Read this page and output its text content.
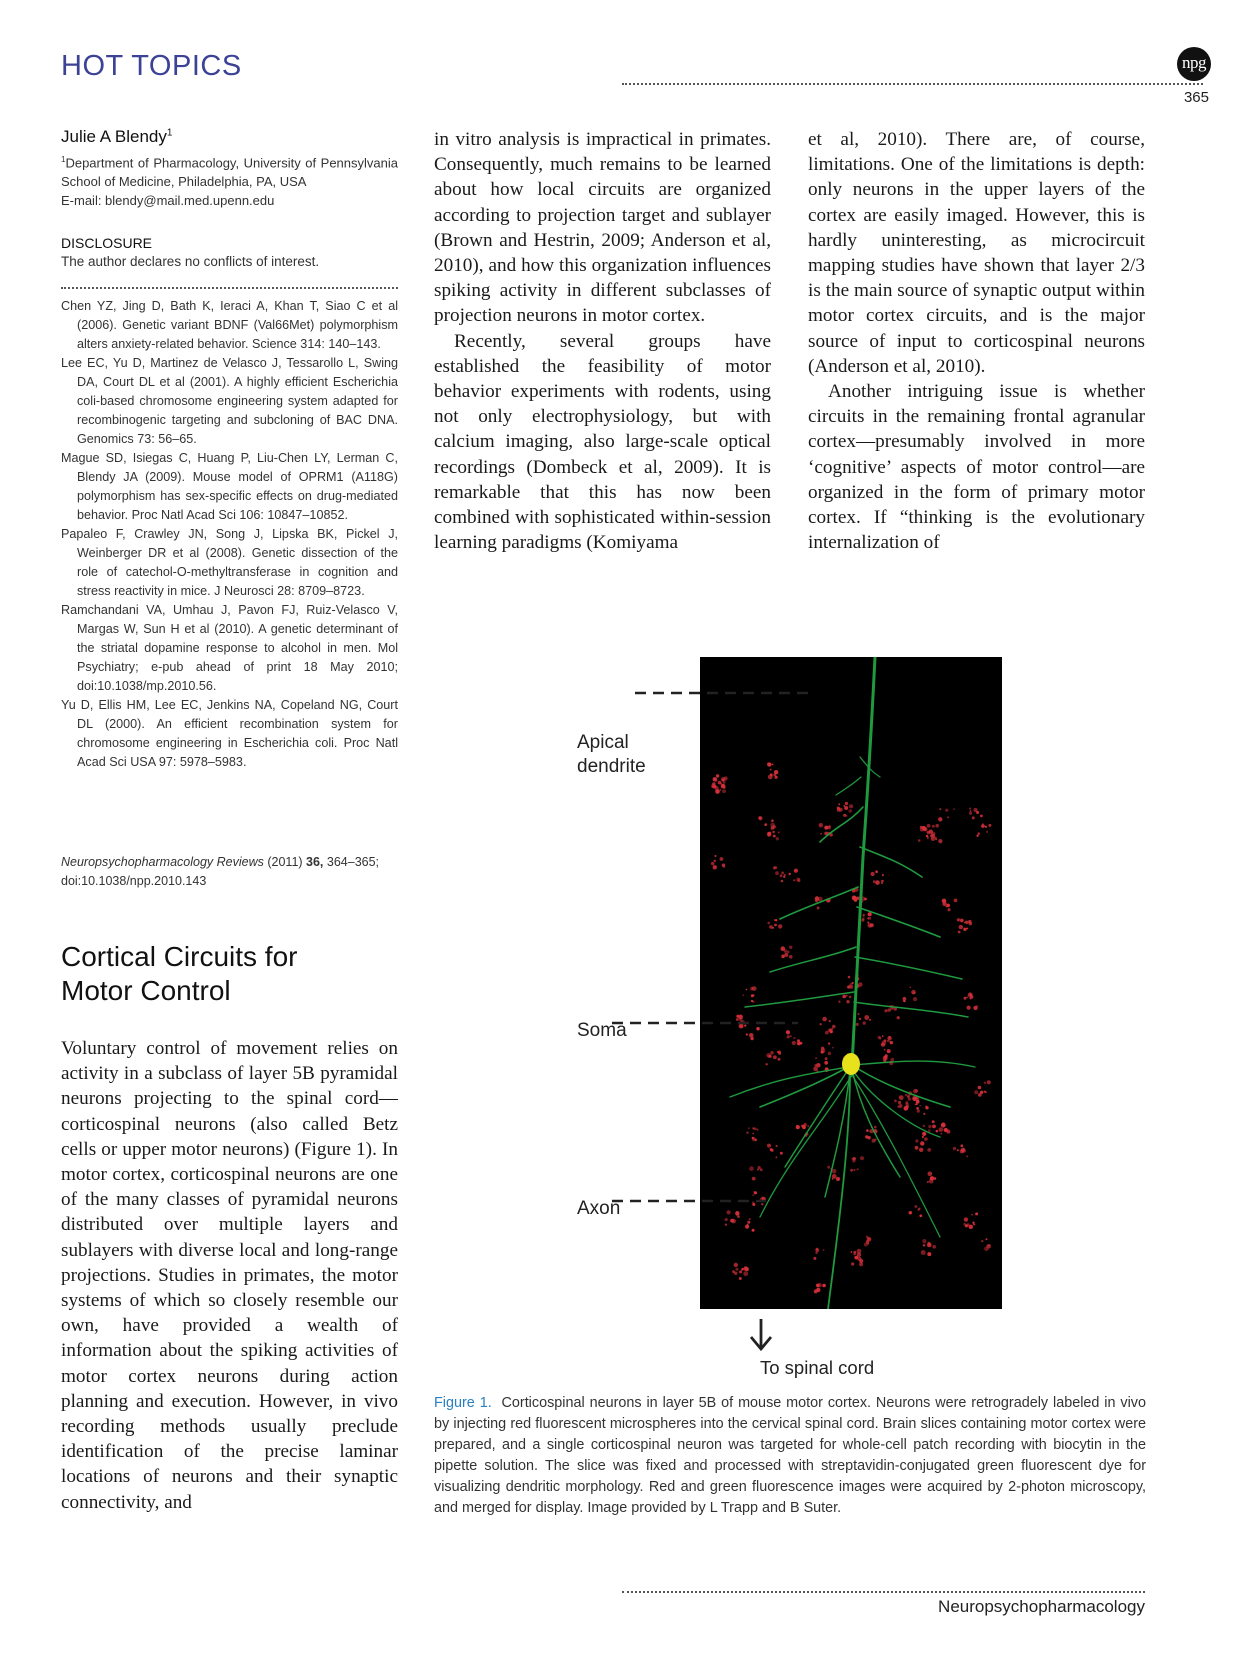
HOT TOPICS	npg
365
Julie A Blendy$^1$
$^1$Department of Pharmacology, University of Pennsylvania School of Medicine, Philadelphia, PA, USA
E-mail: blendy@mail.med.upenn.edu
DISCLOSURE
The author declares no conflicts of interest.

Chen YZ, Jing D, Bath K, Ieraci A, Khan T, Siao C et al (2006). Genetic variant BDNF (Val66Met) polymorphism alters anxiety-related behavior. Science 314: 140–143.

Lee EC, Yu D, Martinez de Velasco J, Tessarollo L, Swing DA, Court DL et al (2001). A highly efficient Escherichia coli-based chromosome engineering system adapted for recombinogenic targeting and subcloning of BAC DNA. Genomics 73: 56–65.

Mague SD, Isiegas C, Huang P, Liu-Chen LY, Lerman C, Blendy JA (2009). Mouse model of OPRM1 (A118G) polymorphism has sex-specific effects on drug-mediated behavior. Proc Natl Acad Sci 106: 10847–10852.

Papaleo F, Crawley JN, Song J, Lipska BK, Pickel J, Weinberger DR et al (2008). Genetic dissection of the role of catechol-O-methyltransferase in cognition and stress reactivity in mice. J Neurosci 28: 8709–8723.

Ramchandani VA, Umhau J, Pavon FJ, Ruiz-Velasco V, Margas W, Sun H et al (2010). A genetic determinant of the striatal dopamine response to alcohol in men. Mol Psychiatry; e-pub ahead of print 18 May 2010; doi:10.1038/mp.2010.56.

Yu D, Ellis HM, Lee EC, Jenkins NA, Copeland NG, Court DL (2000). An efficient recombination system for chromosome engineering in Escherichia coli. Proc Natl Acad Sci USA 97: 5978–5983.

Neuropsychopharmacology Reviews (2011) 36, 364–365;
doi:10.1038/npp.2010.143
Cortical Circuits for
Motor Control

Voluntary control of movement relies on activity in a subclass of layer 5B pyramidal neurons projecting to the spinal cord—corticospinal neurons (also called Betz cells or upper motor neurons) (Figure 1). In motor cortex, corticospinal neurons are one of the many classes of pyramidal neurons distributed over multiple layers and sublayers with diverse local and long-range projections. Studies in primates, the motor systems of which so closely resemble our own, have provided a wealth of information about the spiking activities of motor cortex neurons during action planning and execution. However, in vivo recording methods usually preclude identification of the precise laminar locations of neurons and their synaptic connectivity, and

in vitro analysis is impractical in primates. Consequently, much remains to be learned about how local circuits are organized according to projection target and sublayer (Brown and Hestrin, 2009; Anderson et al, 2010), and how this organization influences spiking activity in different subclasses of projection neurons in motor cortex.

Recently, several groups have established the feasibility of motor behavior experiments with rodents, using not only electrophysiology, but with calcium imaging, also large-scale optical recordings (Dombeck et al, 2009). It is remarkable that this has now been combined with sophisticated within-session learning paradigms (Komiyama

et al, 2010). There are, of course, limitations. One of the limitations is depth: only neurons in the upper layers of the cortex are easily imaged. However, this is hardly uninteresting, as microcircuit mapping studies have shown that layer 2/3 is the main source of synaptic output within motor cortex circuits, and is the major source of input to corticospinal neurons (Anderson et al, 2010).

Another intriguing issue is whether circuits in the remaining frontal agranular cortex—presumably involved in more ‘cognitive’ aspects of motor control—are organized in the form of primary motor cortex. If “thinking is the evolutionary internalization of

Apical
dendrite
Soma
Axon
To spinal cord

Figure 1. Corticospinal neurons in layer 5B of mouse motor cortex. Neurons were retrogradely labeled in vivo by injecting red fluorescent microspheres into the cervical spinal cord. Brain slices containing motor cortex were prepared, and a single corticospinal neuron was targeted for whole-cell patch recording with biocytin in the pipette solution. The slice was fixed and processed with streptavidin-conjugated green fluorescent dye for visualizing dendritic morphology. Red and green fluorescence images were acquired by 2-photon microscopy, and merged for display. Image provided by L Trapp and B Suter.

Neuropsychopharmacology
